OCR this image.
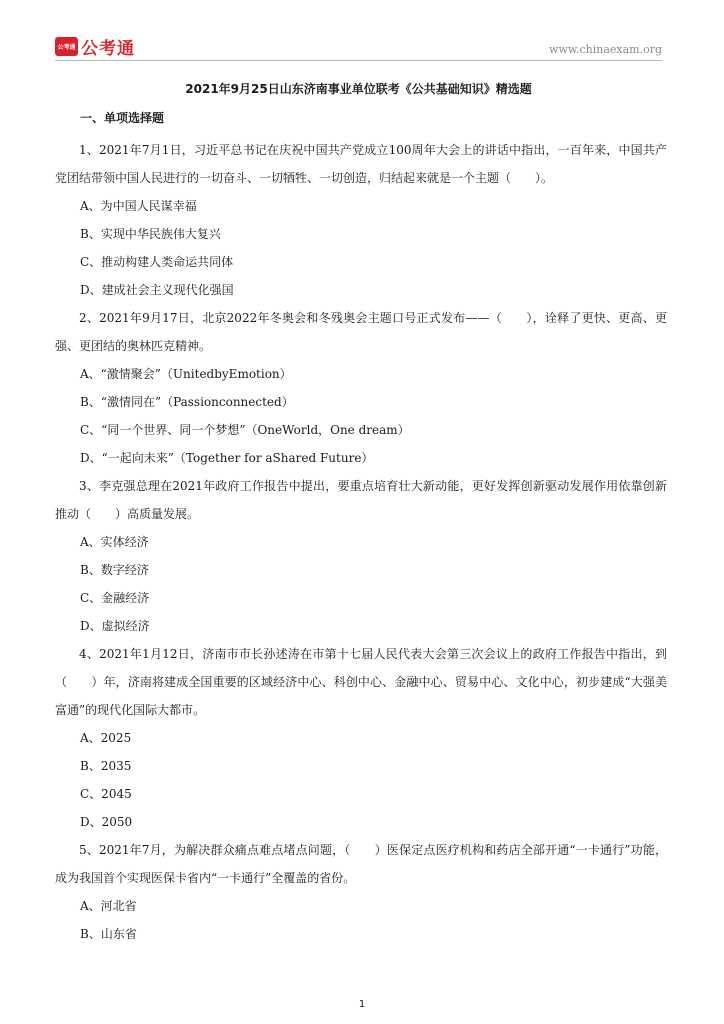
公考通 公考通	www.chinaexam.org
2021年9月25日山东济南事业单位联考《公共基础知识》精选题
一、单项选择题

1、2021年7月1日，习近平总书记在庆祝中国共产党成立100周年大会上的讲话中指出，一百年来，中国共产党团结带领中国人民进行的一切奋斗、一切牺牲、一切创造，归结起来就是一个主题（　　）。

A、为中国人民谋幸福

B、实现中华民族伟大复兴

C、推动构建人类命运共同体

D、建成社会主义现代化强国

2、2021年9月17日，北京2022年冬奥会和冬残奥会主题口号正式发布——（　　），诠释了更快、更高、更强、更团结的奥林匹克精神。

A、“激情聚会”（UnitedbyEmotion）

B、“激情同在”（Passionconnected）

C、“同一个世界、同一个梦想”（OneWorld，One dream）

D、“一起向未来”（Together for aShared Future）

3、李克强总理在2021年政府工作报告中提出，要重点培育壮大新动能，更好发挥创新驱动发展作用依靠创新推动（　　）高质量发展。

A、实体经济

B、数字经济

C、金融经济

D、虚拟经济

4、2021年1月12日，济南市市长孙述涛在市第十七届人民代表大会第三次会议上的政府工作报告中指出，到（　　）年，济南将建成全国重要的区域经济中心、科创中心、金融中心、贸易中心、文化中心，初步建成“大强美富通”的现代化国际大都市。

A、2025

B、2035

C、2045

D、2050

5、2021年7月，为解决群众痛点难点堵点问题，（　　）医保定点医疗机构和药店全部开通“一卡通行”功能，成为我国首个实现医保卡省内“一卡通行”全覆盖的省份。

A、河北省

B、山东省

1
